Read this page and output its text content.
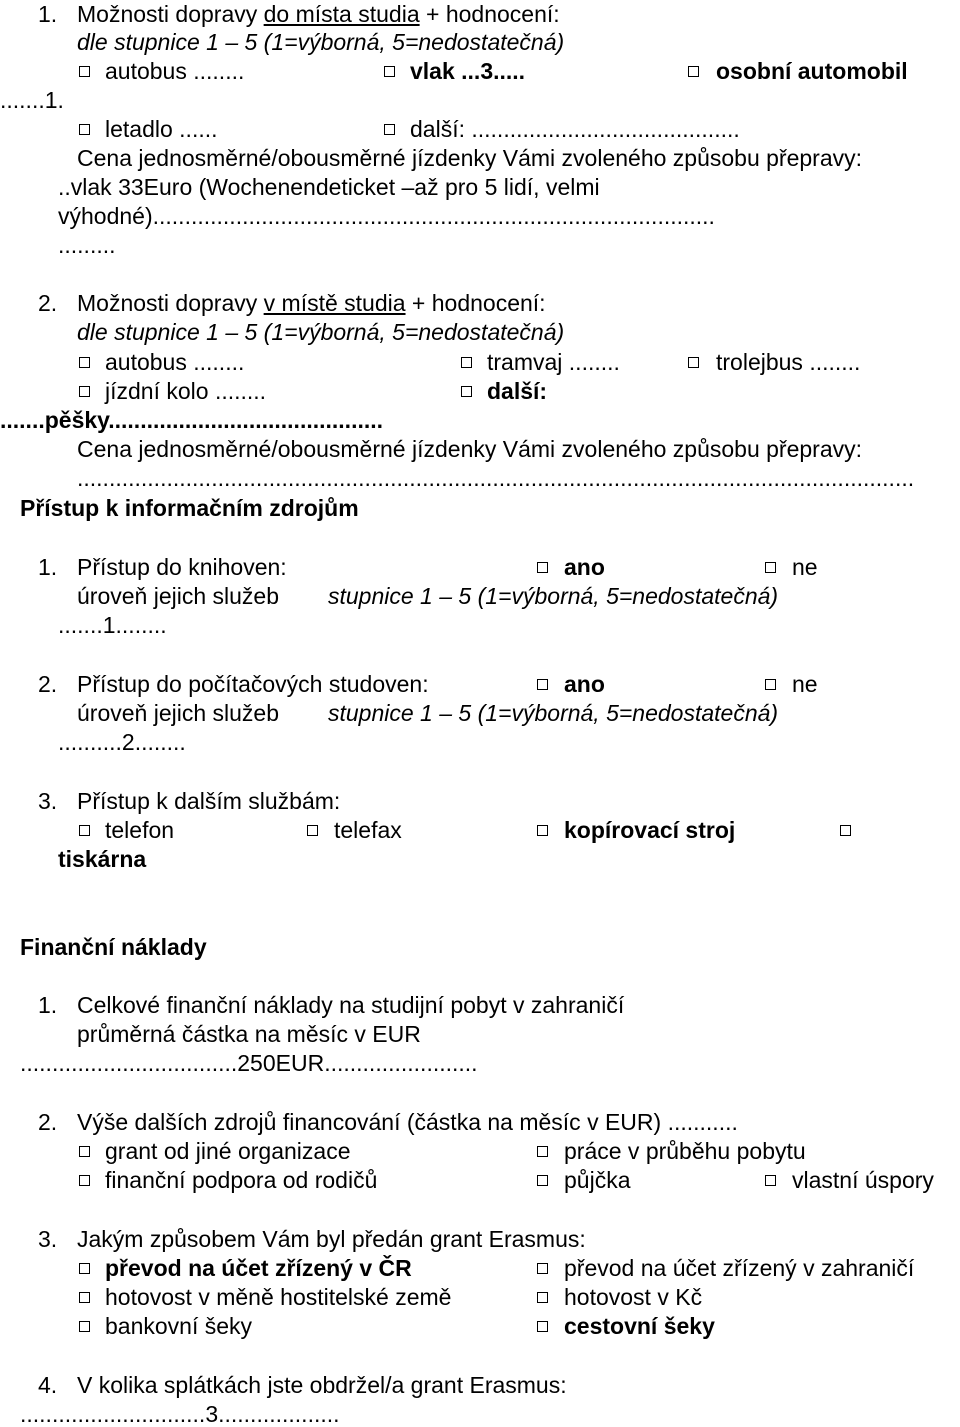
1. Možnosti dopravy do místa studia + hodnocení:
dle stupnice 1 – 5 (1=výborná, 5=nedostatečná)
autobus ........	vlak ...3.....	osobní automobil
.......1.
letadlo ......	další: ..........................................
Cena jednosměrné/obousměrné jízdenky Vámi zvoleného způsobu přepravy:
..vlak 33Euro (Wochenendeticket –až pro 5 lidí, velmi
výhodné)........................................................................................
.........
2. Možnosti dopravy v místě studia + hodnocení:
dle stupnice 1 – 5 (1=výborná, 5=nedostatečná)
autobus ........	tramvaj ........	trolejbus ........
jízdní kolo ........	další:
.......pěšky...........................................
Cena jednosměrné/obousměrné jízdenky Vámi zvoleného způsobu přepravy:
...................................................................................................................................
Přístup k informačním zdrojům
1. Přístup do knihoven:	ano	ne
úroveň jejich služeb stupnice 1 – 5 (1=výborná, 5=nedostatečná)
.......1........
2. Přístup do počítačových studoven:	ano	ne
úroveň jejich služeb stupnice 1 – 5 (1=výborná, 5=nedostatečná)
..........2........
3. Přístup k dalším službám:
telefon	telefax	kopírovací stroj
tiskárna
Finanční náklady
1. Celkové finanční náklady na studijní pobyt v zahraničí
průměrná částka na měsíc v EUR
..................................250EUR........................
2. Výše dalších zdrojů financování (částka na měsíc v EUR) ...........
grant od jiné organizace	práce v průběhu pobytu
finanční podpora od rodičů	půjčka	vlastní úspory
3. Jakým způsobem Vám byl předán grant Erasmus:
převod na účet zřízený v ČR	převod na účet zřízený v zahraničí
hotovost v měně hostitelské země	hotovost v Kč
bankovní šeky	cestovní šeky
4. V kolika splátkách jste obdržel/a grant Erasmus:
.............................3...................
